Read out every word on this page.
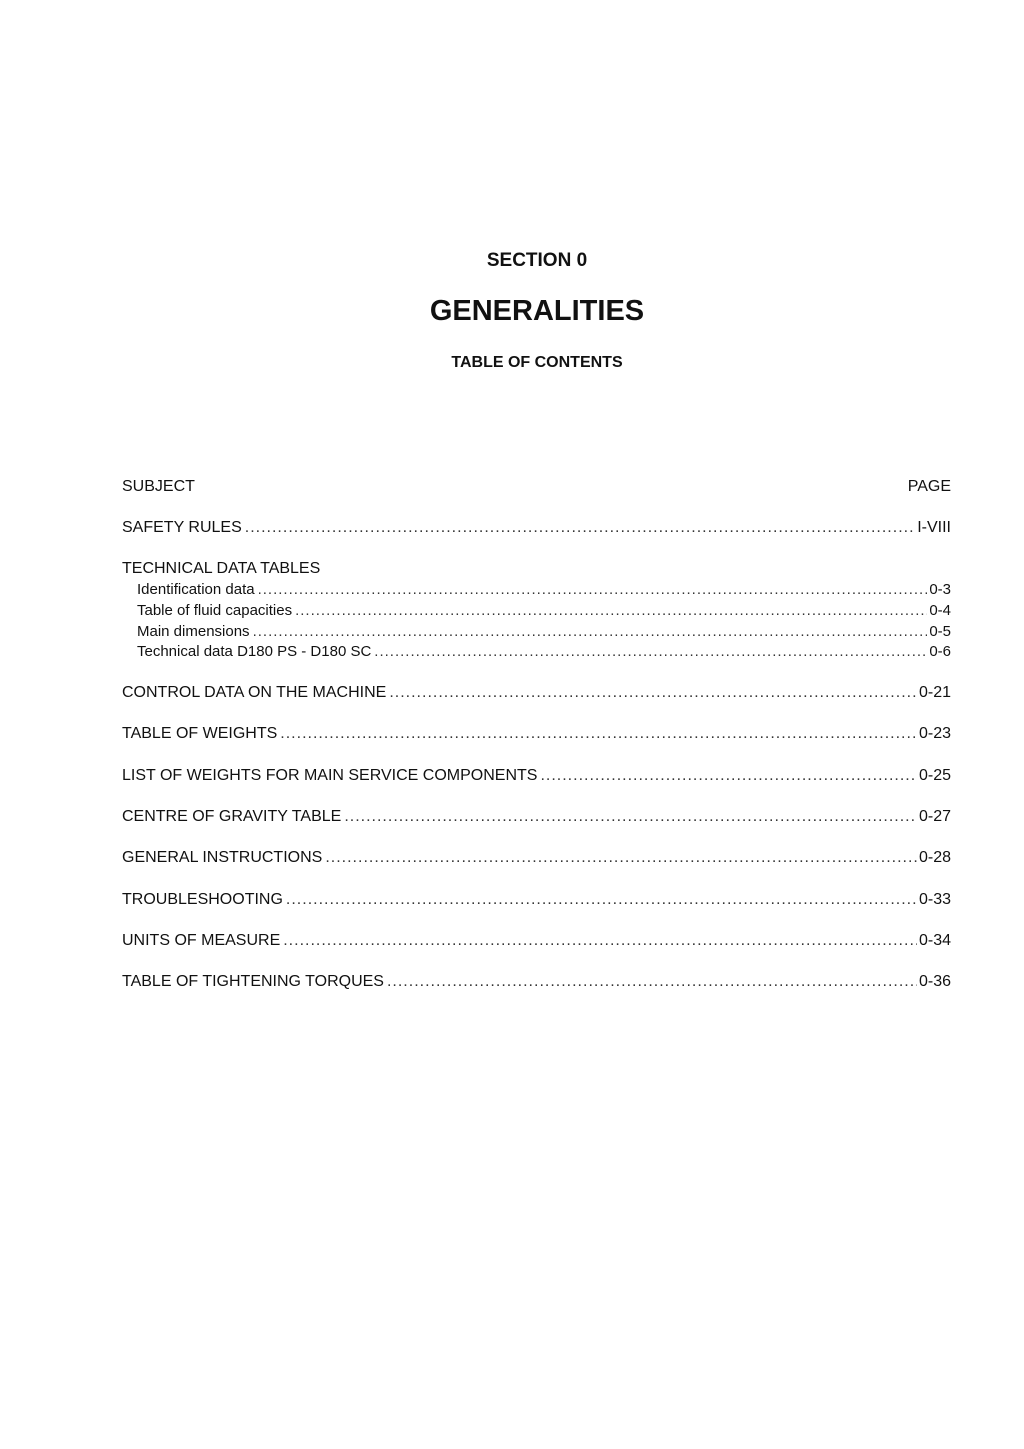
SECTION 0
GENERALITIES
TABLE OF CONTENTS
SUBJECT	PAGE
SAFETY RULES .....	I-VIII
TECHNICAL DATA TABLES
Identification data .....	0-3
Table of fluid capacities .....	0-4
Main dimensions .....	0-5
Technical data D180 PS - D180 SC .....	0-6
CONTROL DATA ON THE MACHINE .....	0-21
TABLE OF WEIGHTS .....	0-23
LIST OF WEIGHTS FOR MAIN SERVICE COMPONENTS .....	0-25
CENTRE OF GRAVITY TABLE .....	0-27
GENERAL INSTRUCTIONS .....	0-28
TROUBLESHOOTING .....	0-33
UNITS OF MEASURE .....	0-34
TABLE OF TIGHTENING TORQUES .....	0-36
